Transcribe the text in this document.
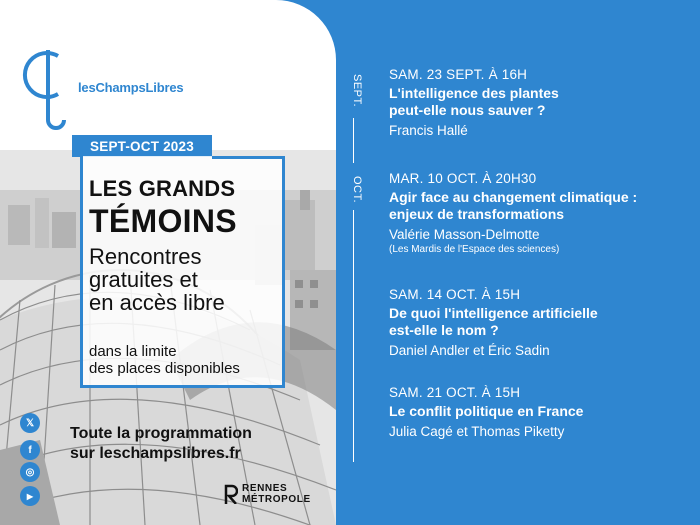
lesChampsLibres
SEPT-OCT 2023
LES GRANDS
TÉMOINS
Rencontres
gratuites et
en accès libre
dans la limite
des places disponibles
Toute la programmation
sur leschampslibres.fr
𝕏
f
◎
▶
RENNES
MÉTROPOLE
SEPT.
OCT.
SAM. 23 SEPT. À 16H
L'intelligence des plantes
peut-elle nous sauver ?
Francis Hallé
MAR. 10 OCT. À 20H30
Agir face au changement climatique :
enjeux de transformations
Valérie Masson-Delmotte
(Les Mardis de l'Espace des sciences)
SAM. 14 OCT. À 15H
De quoi l'intelligence artificielle
est-elle le nom ?
Daniel Andler et Éric Sadin
SAM. 21 OCT. À 15H
Le conflit politique en France
Julia Cagé et Thomas Piketty
